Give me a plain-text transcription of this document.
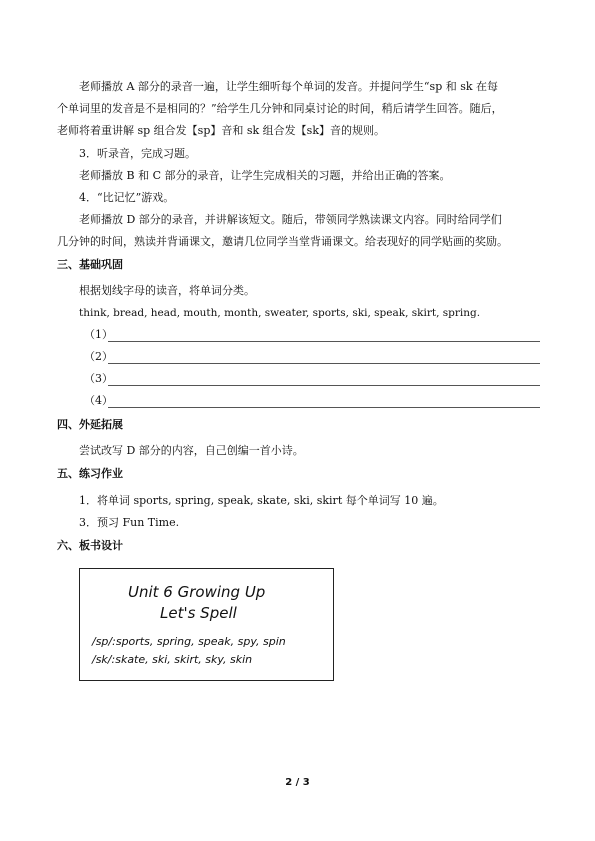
老师播放 A 部分的录音一遍，让学生细听每个单词的发音。并提问学生“sp 和 sk 在每
个单词里的发音是不是相同的？”给学生几分钟和同桌讨论的时间，稍后请学生回答。随后，
老师将着重讲解 sp 组合发【sp】音和 sk 组合发【sk】音的规则。
3．听录音，完成习题。
老师播放 B 和 C 部分的录音，让学生完成相关的习题，并给出正确的答案。
4．“比记忆”游戏。
老师播放 D 部分的录音，并讲解该短文。随后，带领同学熟读课文内容。同时给同学们
几分钟的时间，熟读并背诵课文，邀请几位同学当堂背诵课文。给表现好的同学贴画的奖励。
三、基础巩固
根据划线字母的读音，将单词分类。
think, bread, head, mouth, month, sweater, sports, ski, speak, skirt, spring.
（1）
（2）
（3）
（4）
四、外延拓展
尝试改写 D 部分的内容，自己创编一首小诗。
五、练习作业
1．将单词 sports, spring, speak, skate, ski, skirt 每个单词写 10 遍。
3．预习 Fun Time.
六、板书设计
Unit 6 Growing Up
Let's Spell
/sp/:sports, spring, speak, spy, spin
/sk/:skate, ski, skirt, sky, skin
2 / 3
